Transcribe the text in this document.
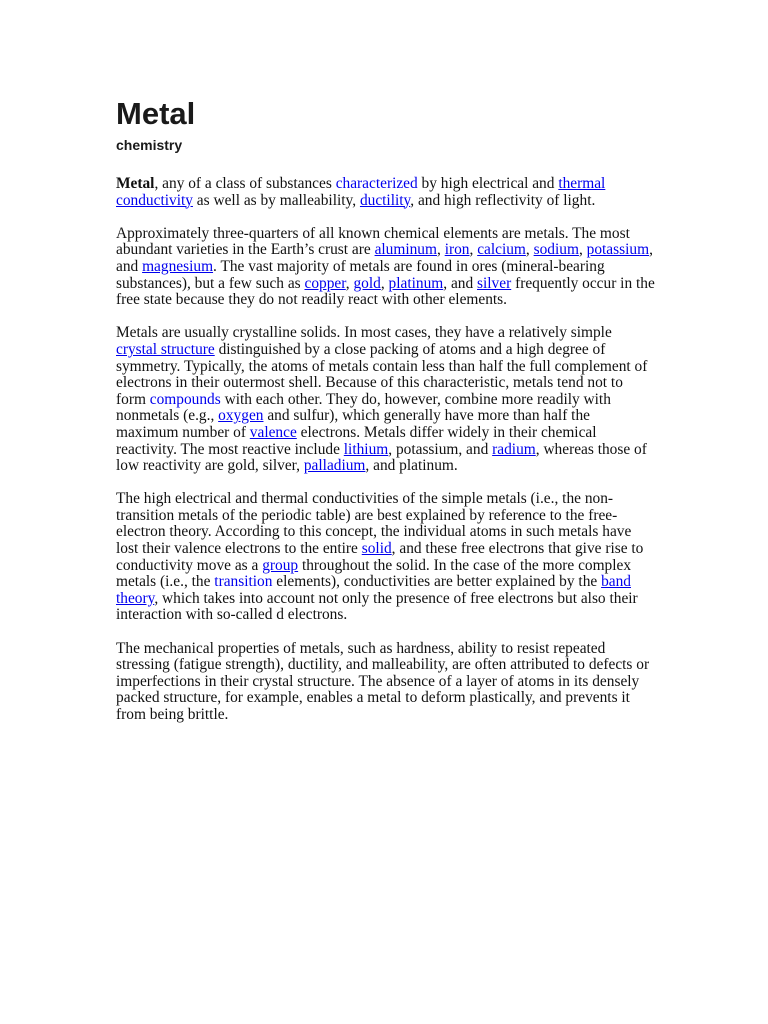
Metal
chemistry

Metal, any of a class of substances characterized by high electrical and thermal conductivity as well as by malleability, ductility, and high reflectivity of light.

Approximately three-quarters of all known chemical elements are metals. The most abundant varieties in the Earth’s crust are aluminum, iron, calcium, sodium, potassium, and magnesium. The vast majority of metals are found in ores (mineral-bearing substances), but a few such as copper, gold, platinum, and silver frequently occur in the free state because they do not readily react with other elements.

Metals are usually crystalline solids. In most cases, they have a relatively simple crystal structure distinguished by a close packing of atoms and a high degree of symmetry. Typically, the atoms of metals contain less than half the full complement of electrons in their outermost shell. Because of this characteristic, metals tend not to form compounds with each other. They do, however, combine more readily with nonmetals (e.g., oxygen and sulfur), which generally have more than half the maximum number of valence electrons. Metals differ widely in their chemical reactivity. The most reactive include lithium, potassium, and radium, whereas those of low reactivity are gold, silver, palladium, and platinum.

The high electrical and thermal conductivities of the simple metals (i.e., the non-transition metals of the periodic table) are best explained by reference to the free-electron theory. According to this concept, the individual atoms in such metals have lost their valence electrons to the entire solid, and these free electrons that give rise to conductivity move as a group throughout the solid. In the case of the more complex metals (i.e., the transition elements), conductivities are better explained by the band theory, which takes into account not only the presence of free electrons but also their interaction with so-called d electrons.

The mechanical properties of metals, such as hardness, ability to resist repeated stressing (fatigue strength), ductility, and malleability, are often attributed to defects or imperfections in their crystal structure. The absence of a layer of atoms in its densely packed structure, for example, enables a metal to deform plastically, and prevents it from being brittle.
